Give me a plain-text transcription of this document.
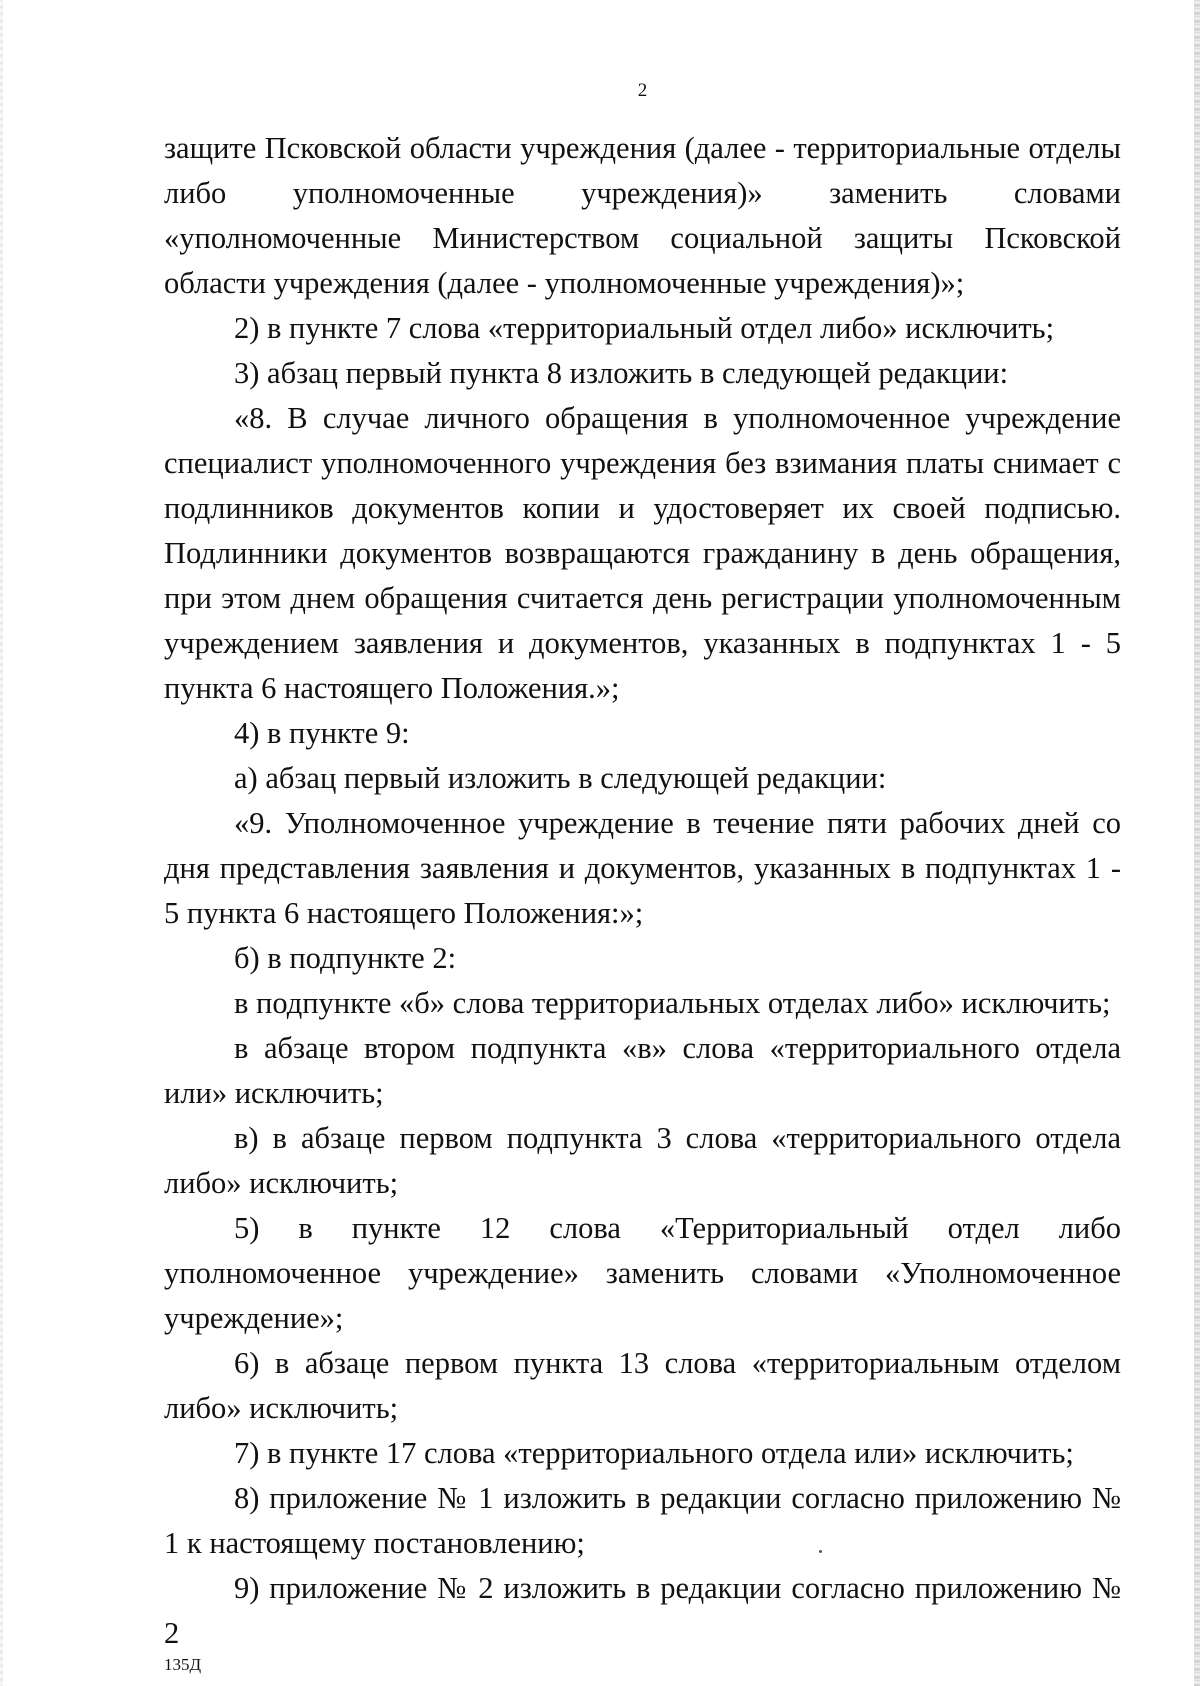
2

защите Псковской области учреждения (далее - территориальные отделы либо уполномоченные учреждения)» заменить словами «уполномоченные Министерством социальной защиты Псковской области учреждения (далее - уполномоченные учреждения)»;

2) в пункте 7 слова «территориальный отдел либо» исключить;

3) абзац первый пункта 8 изложить в следующей редакции:

«8. В случае личного обращения в уполномоченное учреждение специалист уполномоченного учреждения без взимания платы снимает с подлинников документов копии и удостоверяет их своей подписью. Подлинники документов возвращаются гражданину в день обращения, при этом днем обращения считается день регистрации уполномоченным учреждением заявления и документов, указанных в подпунктах 1 - 5 пункта 6 настоящего Положения.»;

4) в пункте 9:

а) абзац первый изложить в следующей редакции:

«9. Уполномоченное учреждение в течение пяти рабочих дней со дня представления заявления и документов, указанных в подпунктах 1 - 5 пункта 6 настоящего Положения:»;

б) в подпункте 2:

в подпункте «б» слова территориальных отделах либо» исключить;

в абзаце втором подпункта «в» слова «территориального отдела или» исключить;

в) в абзаце первом подпункта 3 слова «территориального отдела либо» исключить;

5) в пункте 12 слова «Территориальный отдел либо уполномоченное учреждение» заменить словами «Уполномоченное учреждение»;

6) в абзаце первом пункта 13 слова «территориальным отделом либо» исключить;

7) в пункте 17 слова «территориального отдела или» исключить;

8) приложение № 1 изложить в редакции согласно приложению № 1 к настоящему постановлению;

9) приложение № 2 изложить в редакции согласно приложению № 2

135Д
